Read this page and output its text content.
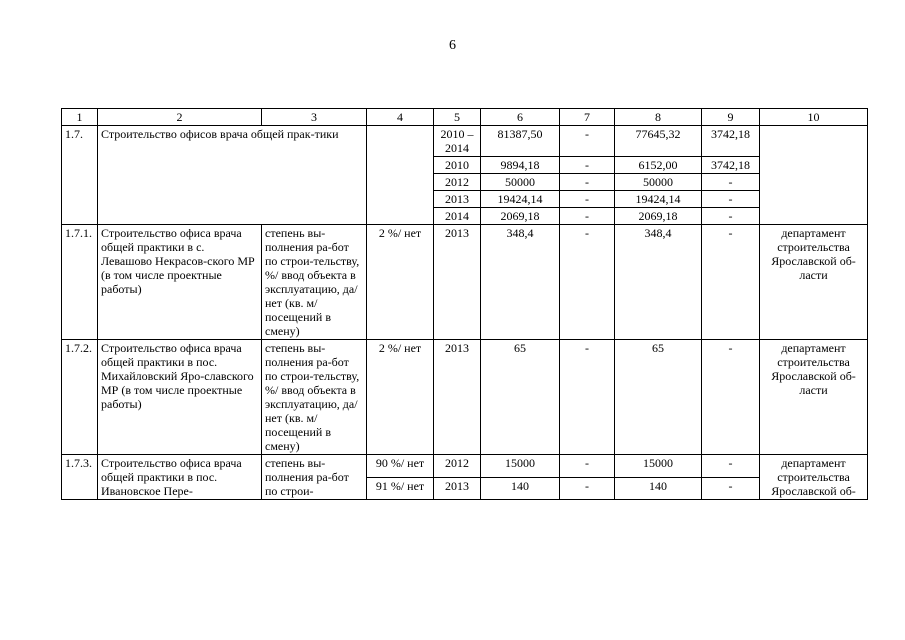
6
1	2	3	4	5	6	7	8	9	10
1.7.	Строительство офисов врача общей прак-тики			2010 – 2014	81387,50	-	77645,32	3742,18	
				2010	9894,18	-	6152,00	3742,18	
				2012	50000	-	50000	-	
				2013	19424,14	-	19424,14	-	
				2014	2069,18	-	2069,18	-	
1.7.1.	Строительство офиса врача общей практики в с. Левашово Некрасов-ского МР (в том числе проектные работы)	степень вы-полнения ра-бот по строи-тельству, %/ ввод объекта в эксплуатацию, да/нет (кв. м/ посещений в смену)	2 %/ нет	2013	348,4	-	348,4	-	департамент строительства Ярославской об-ласти
1.7.2.	Строительство офиса врача общей практики в пос. Михайловский Яро-славского МР (в том числе проектные работы)	степень вы-полнения ра-бот по строи-тельству, %/ ввод объекта в эксплуатацию, да/нет (кв. м/ посещений в смену)	2 %/ нет	2013	65	-	65	-	департамент строительства Ярославской об-ласти
1.7.3.	Строительство офиса врача общей практики в пос. Ивановское Пере-	степень вы-полнения ра-бот по строи-	90 %/ нет	2012	15000	-	15000	-	департамент строительства Ярославской об-
			91 %/ нет	2013	140	-	140	-	
